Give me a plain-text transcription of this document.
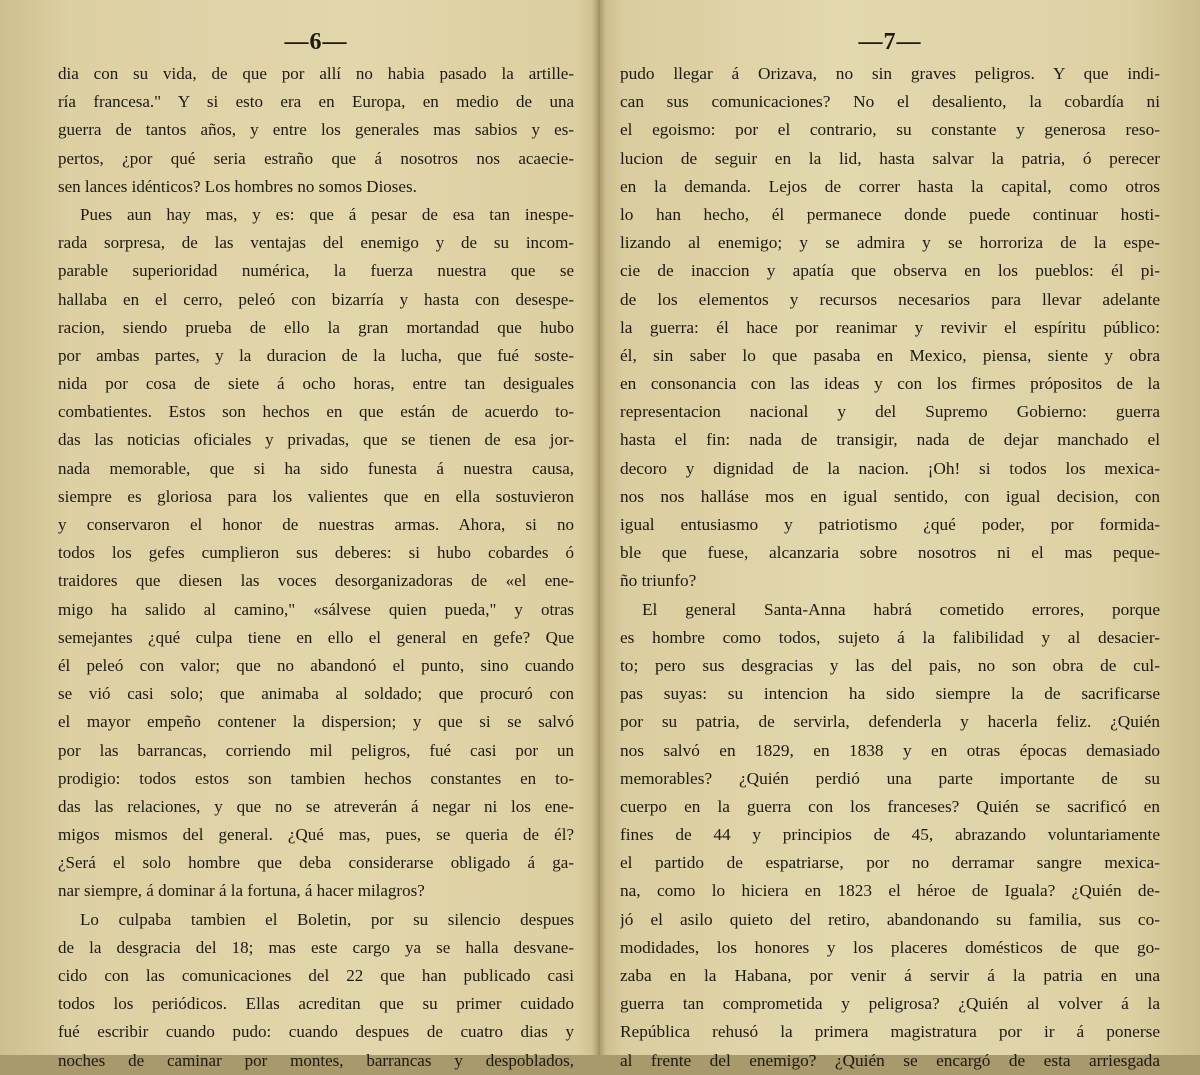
—6—
dia con su vida, de que por allí no habia pasado la artille-
ría francesa." Y si esto era en Europa, en medio de una
guerra de tantos años, y entre los generales mas sabios y es-
pertos, ¿por qué seria estraño que á nosotros nos acaecie-
sen lances idénticos? Los hombres no somos Dioses.
Pues aun hay mas, y es: que á pesar de esa tan inespe-
rada sorpresa, de las ventajas del enemigo y de su incom-
parable superioridad numérica, la fuerza nuestra que se
hallaba en el cerro, peleó con bizarría y hasta con desespe-
racion, siendo prueba de ello la gran mortandad que hubo
por ambas partes, y la duracion de la lucha, que fué soste-
nida por cosa de siete á ocho horas, entre tan desiguales
combatientes. Estos son hechos en que están de acuerdo to-
das las noticias oficiales y privadas, que se tienen de esa jor-
nada memorable, que si ha sido funesta á nuestra causa,
siempre es gloriosa para los valientes que en ella sostuvieron
y conservaron el honor de nuestras armas. Ahora, si no
todos los gefes cumplieron sus deberes: si hubo cobardes ó
traidores que diesen las voces desorganizadoras de «el ene-
migo ha salido al camino," «sálvese quien pueda," y otras
semejantes ¿qué culpa tiene en ello el general en gefe? Que
él peleó con valor; que no abandonó el punto, sino cuando
se vió casi solo; que animaba al soldado; que procuró con
el mayor empeño contener la dispersion; y que si se salvó
por las barrancas, corriendo mil peligros, fué casi por un
prodigio: todos estos son tambien hechos constantes en to-
das las relaciones, y que no se atreverán á negar ni los ene-
migos mismos del general. ¿Qué mas, pues, se queria de él?
¿Será el solo hombre que deba considerarse obligado á ga-
nar siempre, á dominar á la fortuna, á hacer milagros?
Lo culpaba tambien el Boletin, por su silencio despues
de la desgracia del 18; mas este cargo ya se halla desvane-
cido con las comunicaciones del 22 que han publicado casi
todos los periódicos. Ellas acreditan que su primer cuidado
fué escribir cuando pudo: cuando despues de cuatro dias y
noches de caminar por montes, barrancas y despoblados,
—7—
pudo llegar á Orizava, no sin graves peligros. Y que indi-
can sus comunicaciones? No el desaliento, la cobardía ni
el egoismo: por el contrario, su constante y generosa reso-
lucion de seguir en la lid, hasta salvar la patria, ó perecer
en la demanda. Lejos de correr hasta la capital, como otros
lo han hecho, él permanece donde puede continuar hosti-
lizando al enemigo; y se admira y se horroriza de la espe-
cie de inaccion y apatía que observa en los pueblos: él pi-
de los elementos y recursos necesarios para llevar adelante
la guerra: él hace por reanimar y revivir el espíritu público:
él, sin saber lo que pasaba en Mexico, piensa, siente y obra
en consonancia con las ideas y con los firmes própositos de la
representacion nacional y del Supremo Gobierno: guerra
hasta el fin: nada de transigir, nada de dejar manchado el
decoro y dignidad de la nacion. ¡Oh! si todos los mexica-
nos nos halláse mos en igual sentido, con igual decision, con
igual entusiasmo y patriotismo ¿qué poder, por formida-
ble que fuese, alcanzaria sobre nosotros ni el mas peque-
ño triunfo?
El general Santa-Anna habrá cometido errores, porque
es hombre como todos, sujeto á la falibilidad y al desacier-
to; pero sus desgracias y las del pais, no son obra de cul-
pas suyas: su intencion ha sido siempre la de sacrificarse
por su patria, de servirla, defenderla y hacerla feliz. ¿Quién
nos salvó en 1829, en 1838 y en otras épocas demasiado
memorables? ¿Quién perdió una parte importante de su
cuerpo en la guerra con los franceses? Quién se sacrificó en
fines de 44 y principios de 45, abrazando voluntariamente
el partido de espatriarse, por no derramar sangre mexica-
na, como lo hiciera en 1823 el héroe de Iguala? ¿Quién de-
jó el asilo quieto del retiro, abandonando su familia, sus co-
modidades, los honores y los placeres domésticos de que go-
zaba en la Habana, por venir á servir á la patria en una
guerra tan comprometida y peligrosa? ¿Quién al volver á la
República rehusó la primera magistratura por ir á ponerse
al frente del enemigo? ¿Quién se encargó de esta arriesgada
